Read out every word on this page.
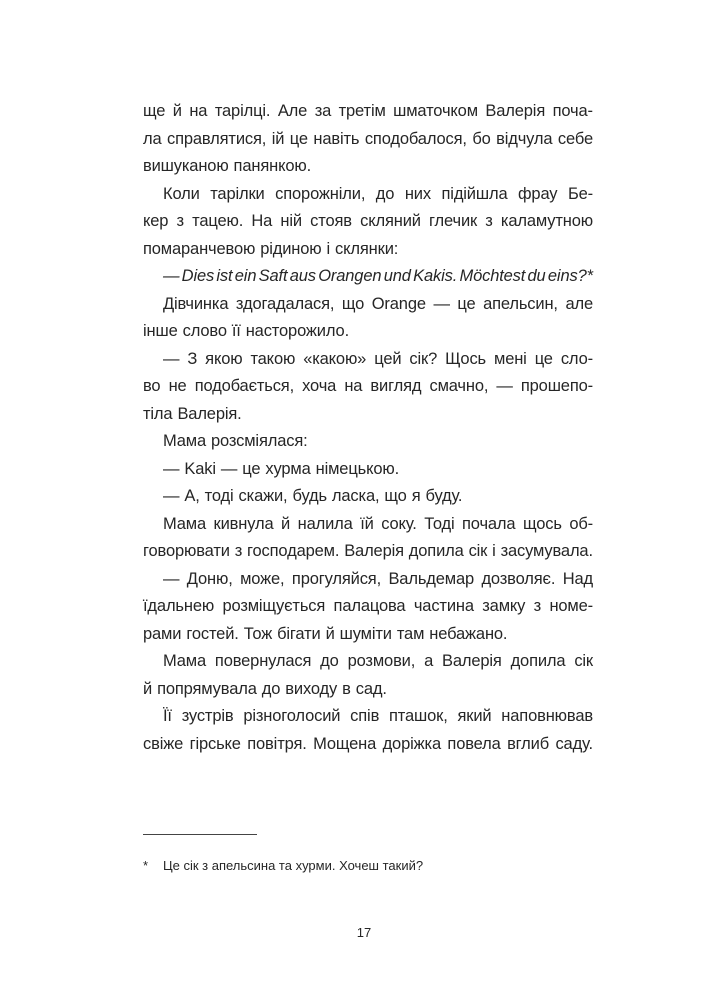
ще й на тарілці. Але за третім шматочком Валерія поча-
ла справлятися, ій це навіть сподобалося, бо відчула себе
вишуканою панянкою.
Коли тарілки спорожніли, до них підійшла фрау Бе-
кер з тацею. На ній стояв скляний глечик з каламутною
помаранчевою рідиною і склянки:
— Dies ist ein Saft aus Orangen und Kakis. Möchtest du eins?*
Дівчинка здогадалася, що Orange — це апельсин, але
інше слово її насторожило.
— З якою такою «какою» цей сік? Щось мені це сло-
во не подобається, хоча на вигляд смачно, — прошепо-
тіла Валерія.
Мама розсміялася:
— Kaki — це хурма німецькою.
— А, тоді скажи, будь ласка, що я буду.
Мама кивнула й налила їй соку. Тоді почала щось об-
говорювати з господарем. Валерія допила сік і засумувала.
— Доню, може, прогуляйся, Вальдемар дозволяє. Над
їдальнею розміщується палацова частина замку з номе-
рами гостей. Тож бігати й шуміти там небажано.
Мама повернулася до розмови, а Валерія допила сік
й попрямувала до виходу в сад.
Її зустрів різноголосий спів пташок, який наповнював
свіже гірське повітря. Мощена доріжка повела вглиб саду.
* Це сік з апельсина та хурми. Хочеш такий?
17
